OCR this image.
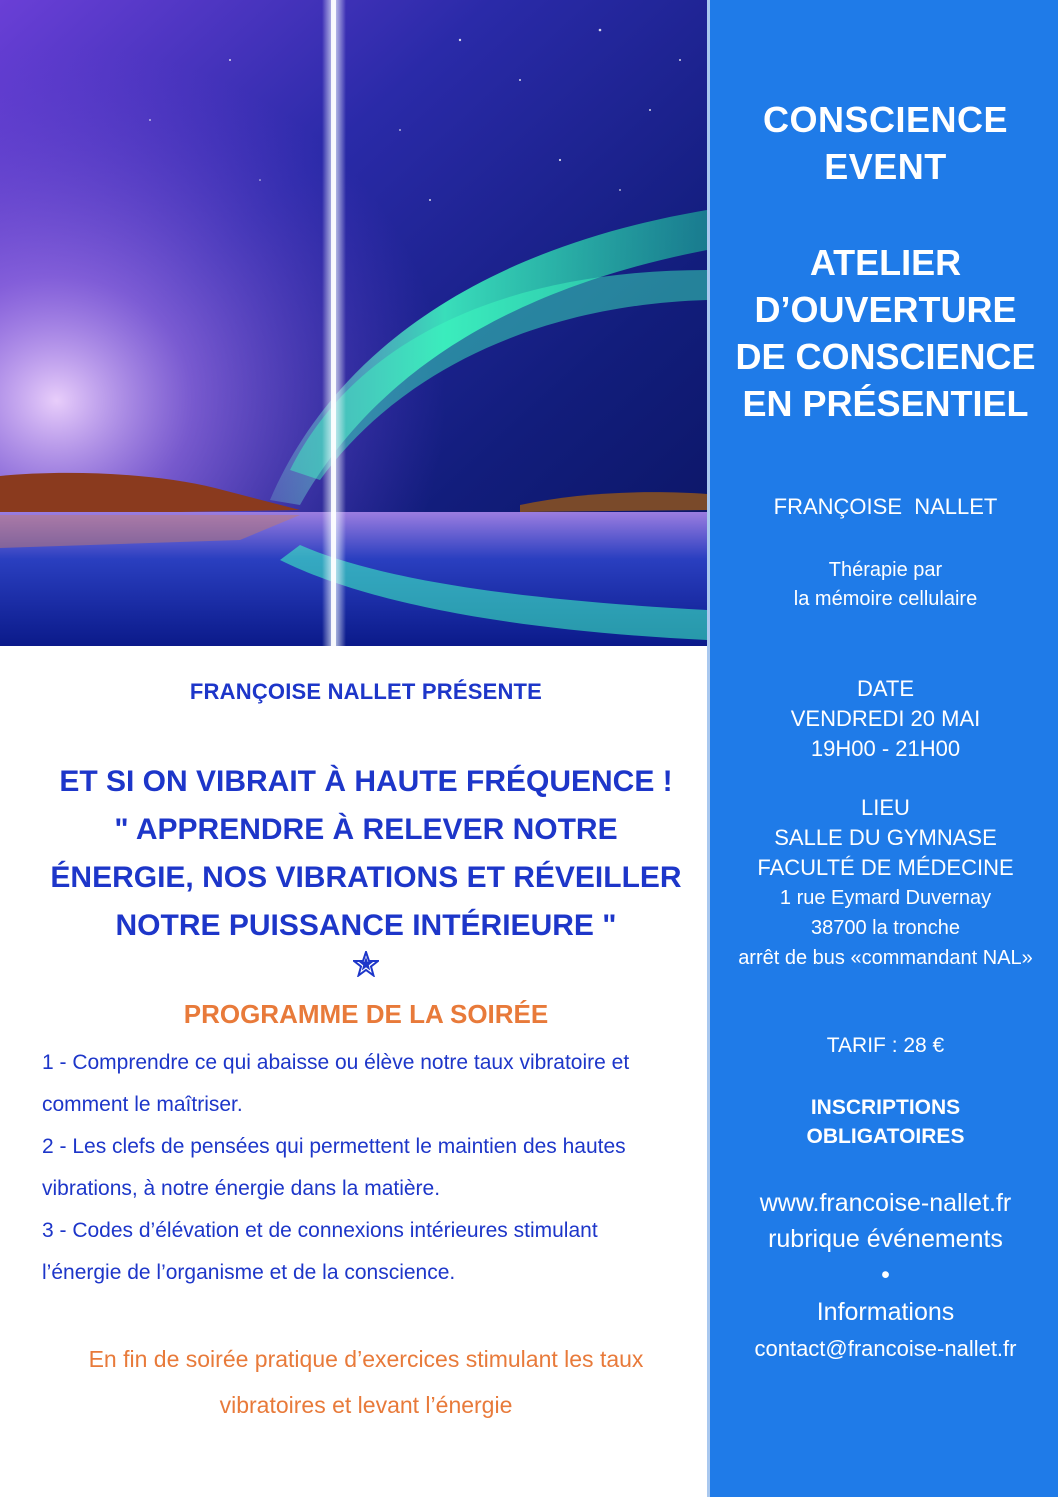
FRANÇOISE NALLET PRÉSENTE
ET SI ON VIBRAIT À HAUTE FRÉQUENCE !
" APPRENDRE À RELEVER NOTRE
ÉNERGIE, NOS VIBRATIONS ET RÉVEILLER
NOTRE PUISSANCE INTÉRIEURE "
PROGRAMME DE LA SOIRÉE

1 - Comprendre ce qui abaisse ou élève notre taux vibratoire et

comment le maîtriser.

2 - Les clefs de pensées qui permettent le maintien des hautes

vibrations, à notre énergie dans la matière.

3 - Codes d’élévation et de connexions intérieures stimulant

l’énergie de l’organisme et de la conscience.

En fin de soirée pratique d’exercices stimulant les taux
vibratoires et levant l’énergie
CONSCIENCE
EVENT
ATELIER
D’OUVERTURE
DE CONSCIENCE
EN PRÉSENTIEL
FRANÇOISE  NALLET
Thérapie par
la mémoire cellulaire
DATE
VENDREDI 20 MAI
19H00 - 21H00
LIEU
SALLE DU GYMNASE
FACULTÉ DE MÉDECINE
1 rue Eymard Duvernay
38700 la tronche
arrêt de bus «commandant NAL»
TARIF : 28 €
INSCRIPTIONS
OBLIGATOIRES
www.francoise-nallet.fr
rubrique événements
•
Informations
contact@francoise-nallet.fr
